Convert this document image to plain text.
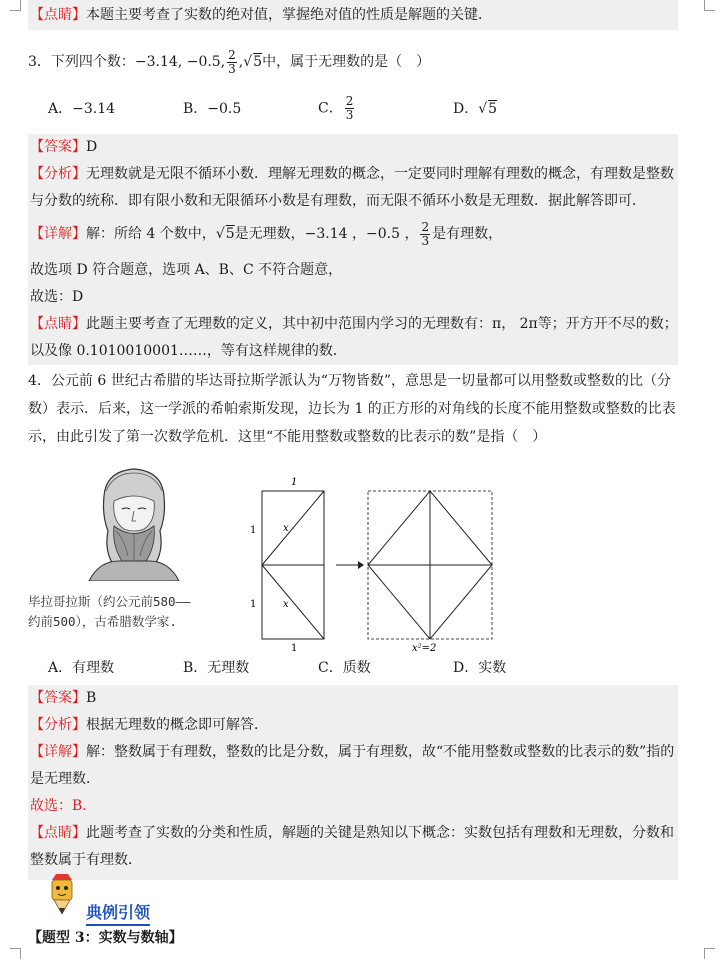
【点睛】本题主要考查了实数的绝对值，掌握绝对值的性质是解题的关键．
3．下列四个数：−3.14, −0.5, $\frac{2}{3} ,√5$中，属于无理数的是（　）
A．−3.14	B．−0.5	C． $\frac{2}{3}$	D．√5
【答案】D
【分析】无理数就是无限不循环小数．理解无理数的概念，一定要同时理解有理数的概念，有理数是整数与分数的统称．即有限小数和无限循环小数是有理数，而无限不循环小数是无理数．据此解答即可．
【详解】解：所给 4 个数中，√5是无理数，−3.14 ，−0.5 ， $\frac{2}{3}$ 是有理数，
故选项 D 符合题意，选项 A、B、C 不符合题意，
故选：D
【点睛】此题主要考查了无理数的定义，其中初中范围内学习的无理数有：π， 2π等；开方开不尽的数；
以及像 0.1010010001……，等有这样规律的数．
4．公元前 6 世纪古希腊的毕达哥拉斯学派认为“万物皆数”，意思是一切量都可以用整数或整数的比（分数）表示．后来，这一学派的希帕索斯发现，边长为 1 的正方形的对角线的长度不能用整数或整数的比表示，由此引发了第一次数学危机．这里“不能用整数或整数的比表示的数”是指（　）
毕拉哥拉斯（约公元前580——
约前500），古希腊数学家.
1
1
1
1
x
x
x²=2
A．有理数	B．无理数	C．质数	D．实数
【答案】B
【分析】根据无理数的概念即可解答．
【详解】解：整数属于有理数，整数的比是分数，属于有理数，故“不能用整数或整数的比表示的数”指的是无理数．
故选：B．
【点睛】此题考查了实数的分类和性质，解题的关键是熟知以下概念：实数包括有理数和无理数，分数和整数属于有理数．
典例引领
【题型 3：实数与数轴】
